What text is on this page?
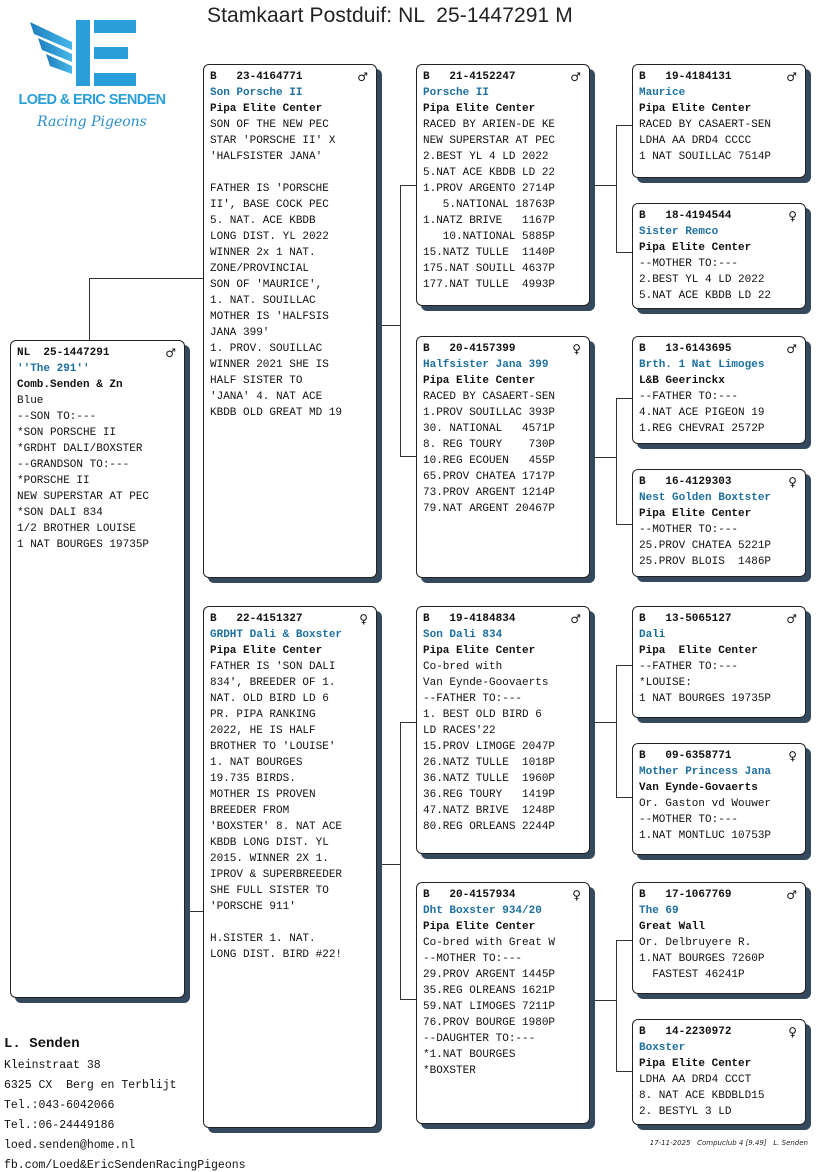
Stamkaart Postduif: NL  25-1447291 M
LOED & ERIC SENDEN
Racing Pigeons
NL  25-1447291	♂
''The 291''
Comb.Senden & Zn
Blue
--SON TO:---
*SON PORSCHE II
*GRDHT DALI/BOXSTER
--GRANDSON TO:---
*PORSCHE II
NEW SUPERSTAR AT PEC
*SON DALI 834
1/2 BROTHER LOUISE
1 NAT BOURGES 19735P
B   23-4164771	♂
Son Porsche II
Pipa Elite Center
SON OF THE NEW PEC
STAR 'PORSCHE II' X
'HALFSISTER JANA'
FATHER IS 'PORSCHE
II', BASE COCK PEC
5. NAT. ACE KBDB
LONG DIST. YL 2022
WINNER 2x 1 NAT.
ZONE/PROVINCIAL
SON OF 'MAURICE',
1. NAT. SOUILLAC
MOTHER IS 'HALFSIS
JANA 399'
1. PROV. SOUILLAC
WINNER 2021 SHE IS
HALF SISTER TO
'JANA' 4. NAT ACE
KBDB OLD GREAT MD 19
B   22-4151327	♀
GRDHT Dali & Boxster
Pipa Elite Center
FATHER IS 'SON DALI
834', BREEDER OF 1.
NAT. OLD BIRD LD 6
PR. PIPA RANKING
2022, HE IS HALF
BROTHER TO 'LOUISE'
1. NAT BOURGES
19.735 BIRDS.
MOTHER IS PROVEN
BREEDER FROM
'BOXSTER' 8. NAT ACE
KBDB LONG DIST. YL
2015. WINNER 2X 1.
IPROV & SUPERBREEDER
SHE FULL SISTER TO
'PORSCHE 911'
H.SISTER 1. NAT.
LONG DIST. BIRD #22!
B   21-4152247	♂
Porsche II
Pipa Elite Center
RACED BY ARIEN-DE KE
NEW SUPERSTAR AT PEC
2.BEST YL 4 LD 2022
5.NAT ACE KBDB LD 22
1.PROV ARGENTO 2714P
5.NATIONAL 18763P
1.NATZ BRIVE   1167P
10.NATIONAL 5885P
15.NATZ TULLE  1140P
175.NAT SOUILL 4637P
177.NAT TULLE  4993P
B   20-4157399	♀
Halfsister Jana 399
Pipa Elite Center
RACED BY CASAERT-SEN
1.PROV SOUILLAC 393P
30. NATIONAL   4571P
8. REG TOURY    730P
10.REG ECOUEN   455P
65.PROV CHATEA 1717P
73.PROV ARGENT 1214P
79.NAT ARGENT 20467P
B   19-4184834	♂
Son Dali 834
Pipa Elite Center
Co-bred with
Van Eynde-Goovaerts
--FATHER TO:---
1. BEST OLD BIRD 6
LD RACES'22
15.PROV LIMOGE 2047P
26.NATZ TULLE  1018P
36.NATZ TULLE  1960P
36.REG TOURY   1419P
47.NATZ BRIVE  1248P
80.REG ORLEANS 2244P
B   20-4157934	♀
Dht Boxster 934/20
Pipa Elite Center
Co-bred with Great W
--MOTHER TO:---
29.PROV ARGENT 1445P
35.REG OLREANS 1621P
59.NAT LIMOGES 7211P
76.PROV BOURGE 1980P
--DAUGHTER TO:---
*1.NAT BOURGES
*BOXSTER
B   19-4184131	♂
Maurice
Pipa Elite Center
RACED BY CASAERT-SEN
LDHA AA DRD4 CCCC
1 NAT SOUILLAC 7514P
B   18-4194544	♀
Sister Remco
Pipa Elite Center
--MOTHER TO:---
2.BEST YL 4 LD 2022
5.NAT ACE KBDB LD 22
B   13-6143695	♂
Brth. 1 Nat Limoges
L&B Geerinckx
--FATHER TO:---
4.NAT ACE PIGEON 19
1.REG CHEVRAI 2572P
B   16-4129303	♀
Nest Golden Boxtster
Pipa Elite Center
--MOTHER TO:---
25.PROV CHATEA 5221P
25.PROV BLOIS  1486P
B   13-5065127	♂
Dali
Pipa  Elite Center
--FATHER TO:---
*LOUISE:
1 NAT BOURGES 19735P
B   09-6358771	♀
Mother Princess Jana
Van Eynde-Govaerts
Or. Gaston vd Wouwer
--MOTHER TO:---
1.NAT MONTLUC 10753P
B   17-1067769	♂
The 69
Great Wall
Or. Delbruyere R.
1.NAT BOURGES 7260P
FASTEST 46241P
B   14-2230972	♀
Boxster
Pipa Elite Center
LDHA AA DRD4 CCCT
8. NAT ACE KBDBLD15
2. BESTYL 3 LD
L. Senden
Kleinstraat 38
6325 CX  Berg en Terblijt
Tel.:043-6042066
Tel.:06-24449186
loed.senden@home.nl
fb.com/Loed&EricSendenRacingPigeons
17-11-2025   Compuclub 4 [9.49]   L. Senden
